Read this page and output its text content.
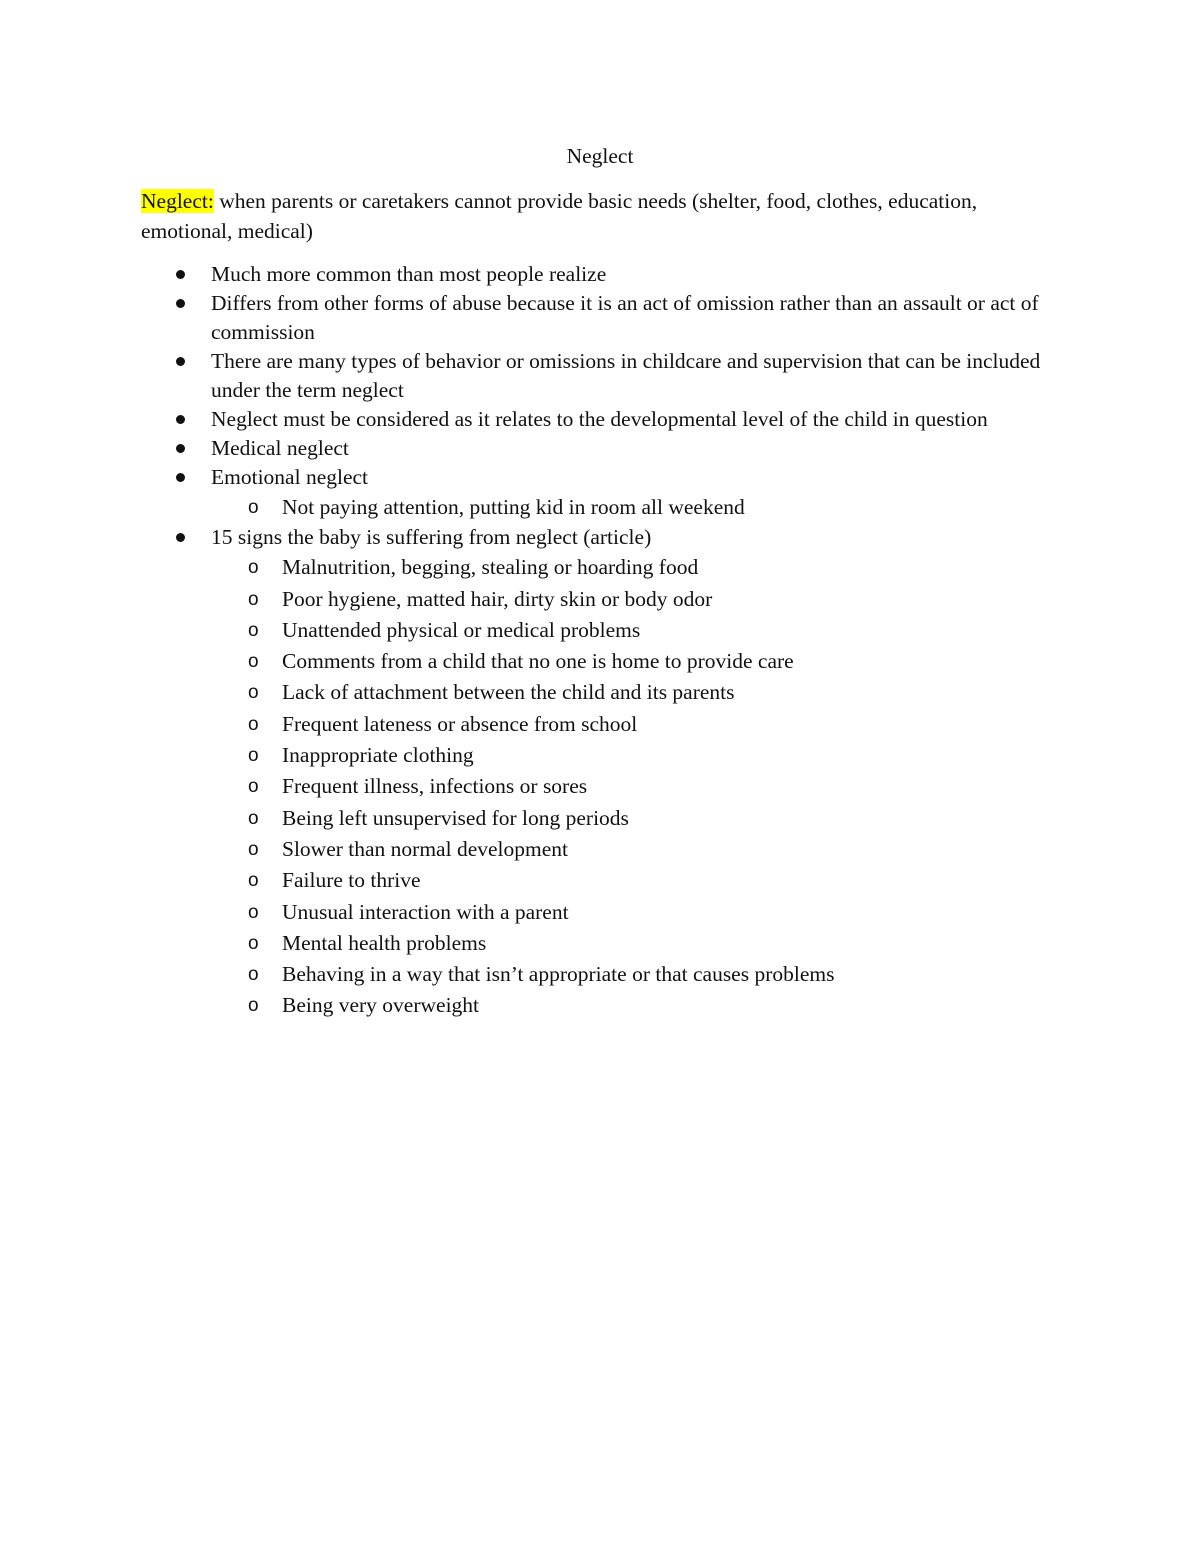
Neglect

Neglect: when parents or caretakers cannot provide basic needs (shelter, food, clothes, education, emotional, medical)

Much more common than most people realize
Differs from other forms of abuse because it is an act of omission rather than an assault or act of commission
There are many types of behavior or omissions in childcare and supervision that can be included under the term neglect
Neglect must be considered as it relates to the developmental level of the child in question
Medical neglect
Emotional neglect
o Not paying attention, putting kid in room all weekend
15 signs the baby is suffering from neglect (article)
o Malnutrition, begging, stealing or hoarding food
o Poor hygiene, matted hair, dirty skin or body odor
o Unattended physical or medical problems
o Comments from a child that no one is home to provide care
o Lack of attachment between the child and its parents
o Frequent lateness or absence from school
o Inappropriate clothing
o Frequent illness, infections or sores
o Being left unsupervised for long periods
o Slower than normal development
o Failure to thrive
o Unusual interaction with a parent
o Mental health problems
o Behaving in a way that isn’t appropriate or that causes problems
o Being very overweight
